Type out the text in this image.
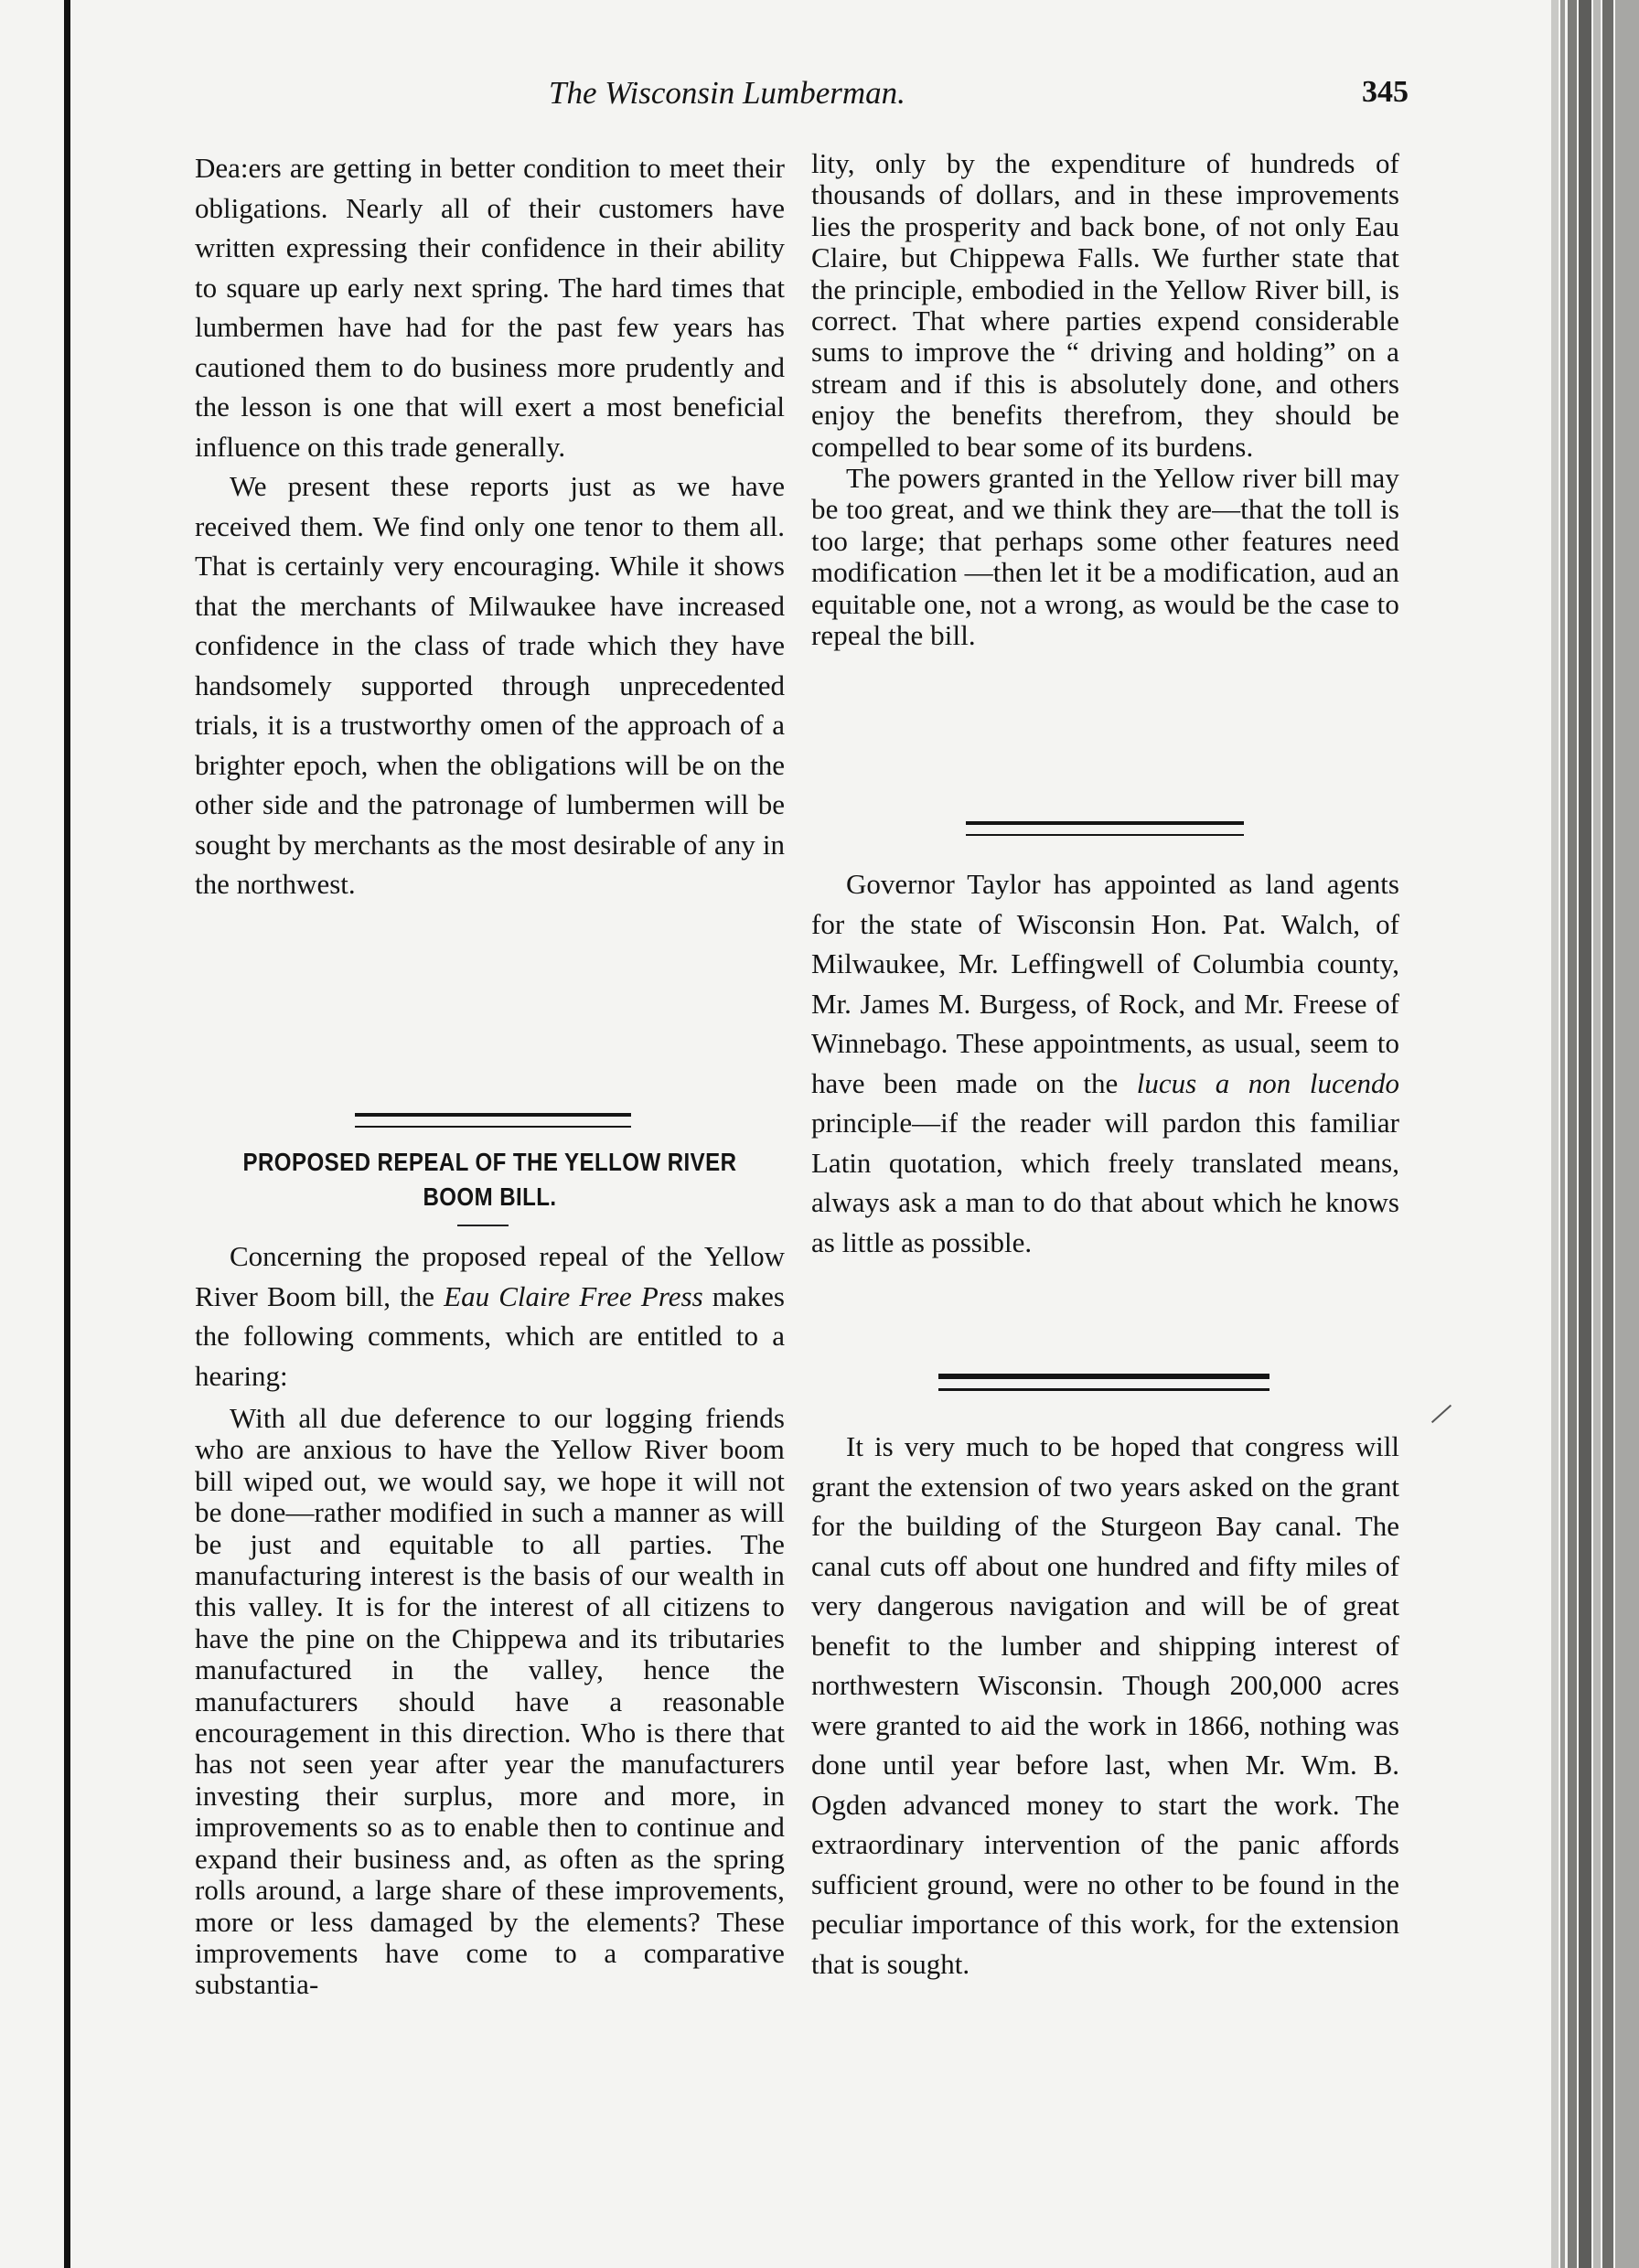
The Wisconsin Lumberman.	345

Dea:ers are getting in better condition to meet their obligations. Nearly all of their customers have written expressing their confidence in their ability to square up early next spring. The hard times that lumbermen have had for the past few years has cautioned them to do business more prudently and the lesson is one that will exert a most beneficial influence on this trade generally.

We present these reports just as we have received them. We find only one tenor to them all. That is certainly very encouraging. While it shows that the merchants of Milwaukee have increased confidence in the class of trade which they have handsomely supported through unprecedented trials, it is a trustworthy omen of the approach of a brighter epoch, when the obligations will be on the other side and the patronage of lumbermen will be sought by merchants as the most desirable of any in the northwest.

PROPOSED REPEAL OF THE YELLOW RIVER BOOM BILL.

Concerning the proposed repeal of the Yellow River Boom bill, the Eau Claire Free Press makes the following comments, which are entitled to a hearing:

With all due deference to our logging friends who are anxious to have the Yellow River boom bill wiped out, we would say, we hope it will not be done—rather modified in such a manner as will be just and equitable to all parties. The manufacturing interest is the basis of our wealth in this valley. It is for the interest of all citizens to have the pine on the Chippewa and its tributaries manufactured in the valley, hence the manufacturers should have a reasonable encouragement in this direction. Who is there that has not seen year after year the manufacturers investing their surplus, more and more, in improvements so as to enable then to continue and expand their business and, as often as the spring rolls around, a large share of these improvements, more or less damaged by the elements? These improvements have come to a comparative substantia-

lity, only by the expenditure of hundreds of thousands of dollars, and in these improvements lies the prosperity and back bone, of not only Eau Claire, but Chippewa Falls. We further state that the principle, embodied in the Yellow River bill, is correct. That where parties expend considerable sums to improve the “ driving and holding” on a stream and if this is absolutely done, and others enjoy the benefits therefrom, they should be compelled to bear some of its burdens.

The powers granted in the Yellow river bill may be too great, and we think they are—that the toll is too large; that perhaps some other features need modification —then let it be a modification, aud an equitable one, not a wrong, as would be the case to repeal the bill.

Governor Taylor has appointed as land agents for the state of Wisconsin Hon. Pat. Walch, of Milwaukee, Mr. Leffingwell of Columbia county, Mr. James M. Burgess, of Rock, and Mr. Freese of Winnebago. These appointments, as usual, seem to have been made on the lucus a non lucendo principle—if the reader will pardon this familiar Latin quotation, which freely translated means, always ask a man to do that about which he knows as little as possible.

It is very much to be hoped that congress will grant the extension of two years asked on the grant for the building of the Sturgeon Bay canal. The canal cuts off about one hundred and fifty miles of very dangerous navigation and will be of great benefit to the lumber and shipping interest of northwestern Wisconsin. Though 200,000 acres were granted to aid the work in 1866, nothing was done until year before last, when Mr. Wm. B. Ogden advanced money to start the work. The extraordinary intervention of the panic affords sufficient ground, were no other to be found in the peculiar importance of this work, for the extension that is sought.
